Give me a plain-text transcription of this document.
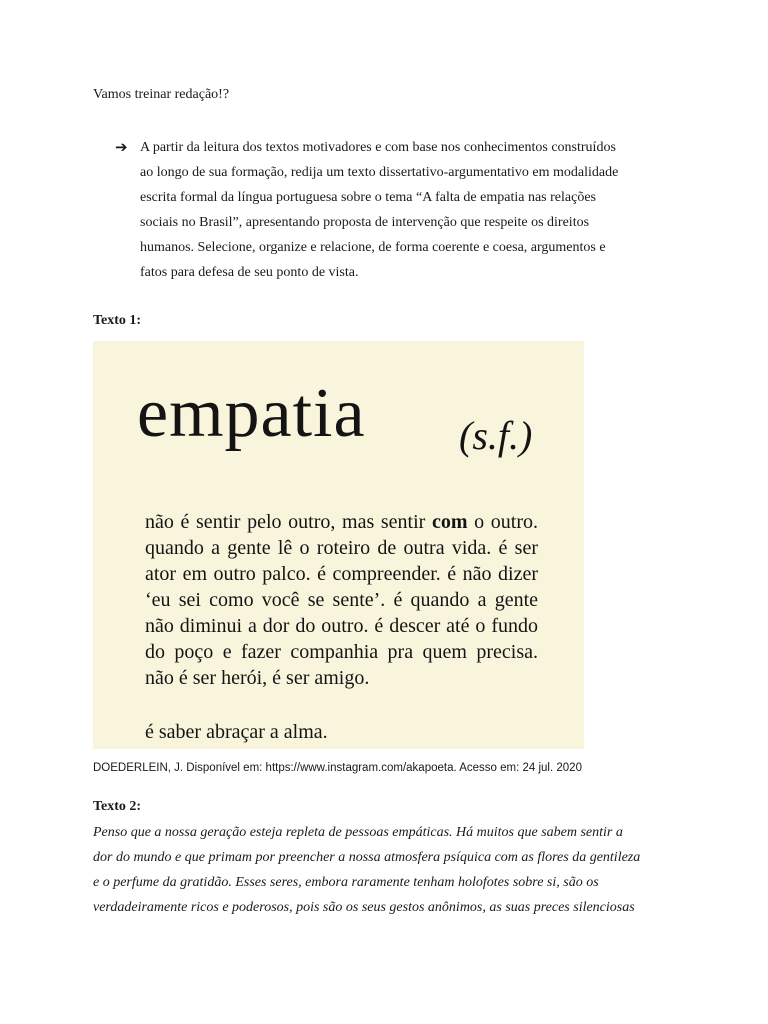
Vamos treinar redação!?
➔ A partir da leitura dos textos motivadores e com base nos conhecimentos construídos
ao longo de sua formação, redija um texto dissertativo-argumentativo em modalidade
escrita formal da língua portuguesa sobre o tema “A falta de empatia nas relações
sociais no Brasil”, apresentando proposta de intervenção que respeite os direitos
humanos. Selecione, organize e relacione, de forma coerente e coesa, argumentos e
fatos para defesa de seu ponto de vista.
Texto 1:
empatia (s.f.)
não é sentir pelo outro, mas sentir com o outro. quando a gente lê o roteiro de outra vida. é ser ator em outro palco. é compreender. é não dizer ‘eu sei como você se sente’. é quando a gente não diminui a dor do outro. é descer até o fundo do poço e fazer companhia pra quem precisa. não é ser herói, é ser amigo.
é saber abraçar a alma.
DOEDERLEIN, J. Disponível em: https://www.instagram.com/akapoeta. Acesso em: 24 jul. 2020
Texto 2:
Penso que a nossa geração esteja repleta de pessoas empáticas. Há muitos que sabem sentir a
dor do mundo e que primam por preencher a nossa atmosfera psíquica com as flores da gentileza
e o perfume da gratidão. Esses seres, embora raramente tenham holofotes sobre si, são os
verdadeiramente ricos e poderosos, pois são os seus gestos anônimos, as suas preces silenciosas
